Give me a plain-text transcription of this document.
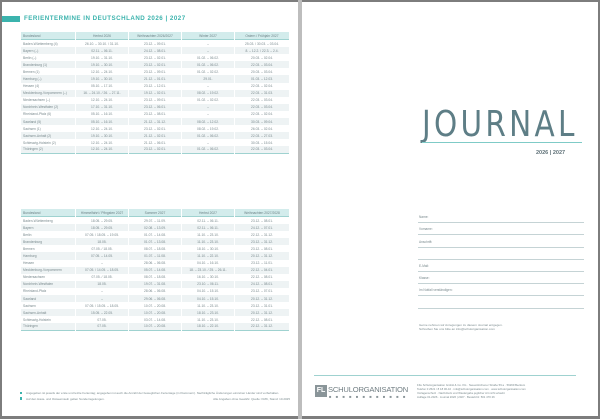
FERIENTERMINE IN DEUTSCHLAND 2026 | 2027
Bundesland	Herbst 2026	Weihnachten 2026/2027	Winter 2027	Ostern / Frühjahr 2027
Baden-Württemberg (4)	26.10. – 30.10. / 31.10.	23.12. – 09.01.	–	25.03. / 30.03. – 03.04.
Bayern (–)	02.11. – 06.11.	24.12. – 08.01.	–	8. – 12.2. / 22.3. – 2.4.
Berlin (–)	19.10. – 31.10.	23.12. – 02.01.	01.02. – 06.02.	20.03. – 02.04.
Brandenburg (1)	19.10. – 30.10.	23.12. – 02.01.	01.02. – 06.02.	22.03. – 03.04.
Bremen (1)	12.10. – 24.10.	23.12. – 09.01.	01.02. – 02.02.	20.03. – 03.04.
Hamburg (–)	19.10. – 30.10.	21.12. – 01.01.	29.01.	01.03. – 12.03.
Hessen (4)	05.10. – 17.10.	23.12. – 12.01.	–	22.03. – 02.04.
Mecklenburg-Vorpommern (–)	16. – 24.10. / 26. – 27.11.	19.12. – 02.01.	08.02. – 19.02.	22.03. – 31.03.
Niedersachsen (–)	12.10. – 24.10.	23.12. – 09.01.	01.02. – 02.02.	22.03. – 03.04.
Nordrhein-Westfalen (2)	17.10. – 31.10.	23.12. – 06.01.	–	22.03. – 03.04.
Rheinland-Pfalz (6)	05.10. – 16.10.	23.12. – 08.01.	–	22.03. – 02.04.
Saarland (5)	05.10. – 16.10.	21.12. – 31.12.	08.02. – 12.02.	30.03. – 09.04.
Sachsen (1)	12.10. – 24.10.	23.12. – 02.01.	08.02. – 19.02.	26.03. – 02.04.
Sachsen-Anhalt (2)	19.10. – 30.10.	21.12. – 02.01.	01.02. – 06.02.	22.03. – 27.03.
Schleswig-Holstein (2)	12.10. – 24.10.	21.12. – 06.01.	–	30.03. – 15.04.
Thüringen (2)	12.10. – 24.10.	23.12. – 02.01.	01.02. – 06.02.	22.03. – 03.04.
Bundesland	Himmelfahrt / Pfingsten 2027	Sommer 2027	Herbst 2027	Weihnachten 2027/2028
Baden-Württemberg	18.05. – 29.05.	29.07. – 11.09.	02.11. – 06.11.	23.12. – 08.01.
Bayern	18.05. – 29.05.	02.08. – 13.09.	02.11. – 06.11.	24.12. – 07.01.
Berlin	07.05. / 18.05. – 19.05.	01.07. – 14.08.	11.10. – 23.10.	22.12. – 31.12.
Brandenburg	18.05.	01.07. – 13.08.	11.10. – 23.10.	23.12. – 31.12.
Bremen	07.05. / 18.05.	08.07. – 18.08.	18.10. – 30.10.	23.12. – 08.01.
Hamburg	07.05. – 14.05.	01.07. – 11.08.	11.10. – 22.10.	20.12. – 31.12.
Hessen	–	28.06. – 06.08.	04.10. – 16.10.	23.12. – 11.01.
Mecklenburg-Vorpommern	07.05. / 14.05. – 18.05.	05.07. – 14.08.	18. – 23.10. / 25. – 26.11.	22.12. – 04.01.
Niedersachsen	07.05. / 18.05.	08.07. – 18.08.	16.10. – 30.10.	22.12. – 08.01.
Nordrhein-Westfalen	18.05.	19.07. – 31.08.	23.10. – 06.11.	24.12. – 08.01.
Rheinland-Pfalz	–	28.06. – 06.08.	04.10. – 15.10.	23.12. – 07.01.
Saarland	–	29.06. – 06.08.	04.10. – 15.10.	20.12. – 31.12.
Sachsen	07.05. / 15.05. – 18.05.	10.07. – 20.08.	11.10. – 23.10.	23.12. – 31.01.
Sachsen-Anhalt	15.05. – 22.05.	10.07. – 20.08.	18.10. – 23.10.	20.12. – 31.12.
Schleswig-Holstein	07.05.	03.07. – 14.08.	11.10. – 23.10.	22.12. – 08.01.
Thüringen	07.05.	10.07. – 20.08.	18.10. – 22.10.	22.12. – 31.12.
Angegeben ist jeweils der erste und letzte Ferientag; angegeben ist auch die Anzahl der beweglichen Ferientage (in Klammern). Nachträgliche Änderungen einzelner Länder sind vorbehalten.
Auf den Haus- und Ostseeinseln gelten Sonderregelungen.	Alle Angaben ohne Gewähr. Quelle: KMK, Stand: 10.2025
JOURNAL
2026 | 2027
Name:
Vorname:
Anschrift:
E-Mail:
Klasse:
Im Notfall verständigen:
Gerne nehmen wir Anregungen zu diesem Journal entgegen.
Schreiben Sie uns bitte an info@schulorganisation.com
FL SCHULORGANISATION
■ ■ ■ ■ ■ ■ ■ ■ ■ ■ ■ ■
F&L Schulorganisation GmbH & Co. KG · Neuenkirchener Straße 59 a · 59269 Beckum
Telefon 0 2521 / 8 18 00-10 · info@schulorganisation.com · www.schulorganisation.com
Vorlagenschutz · Nachdruck und Wiedergabe jeglicher Art nicht erlaubt
Auflage 01.2026 · Journal 2026 | 2027 · Bestell-Nr. 501 470 26
